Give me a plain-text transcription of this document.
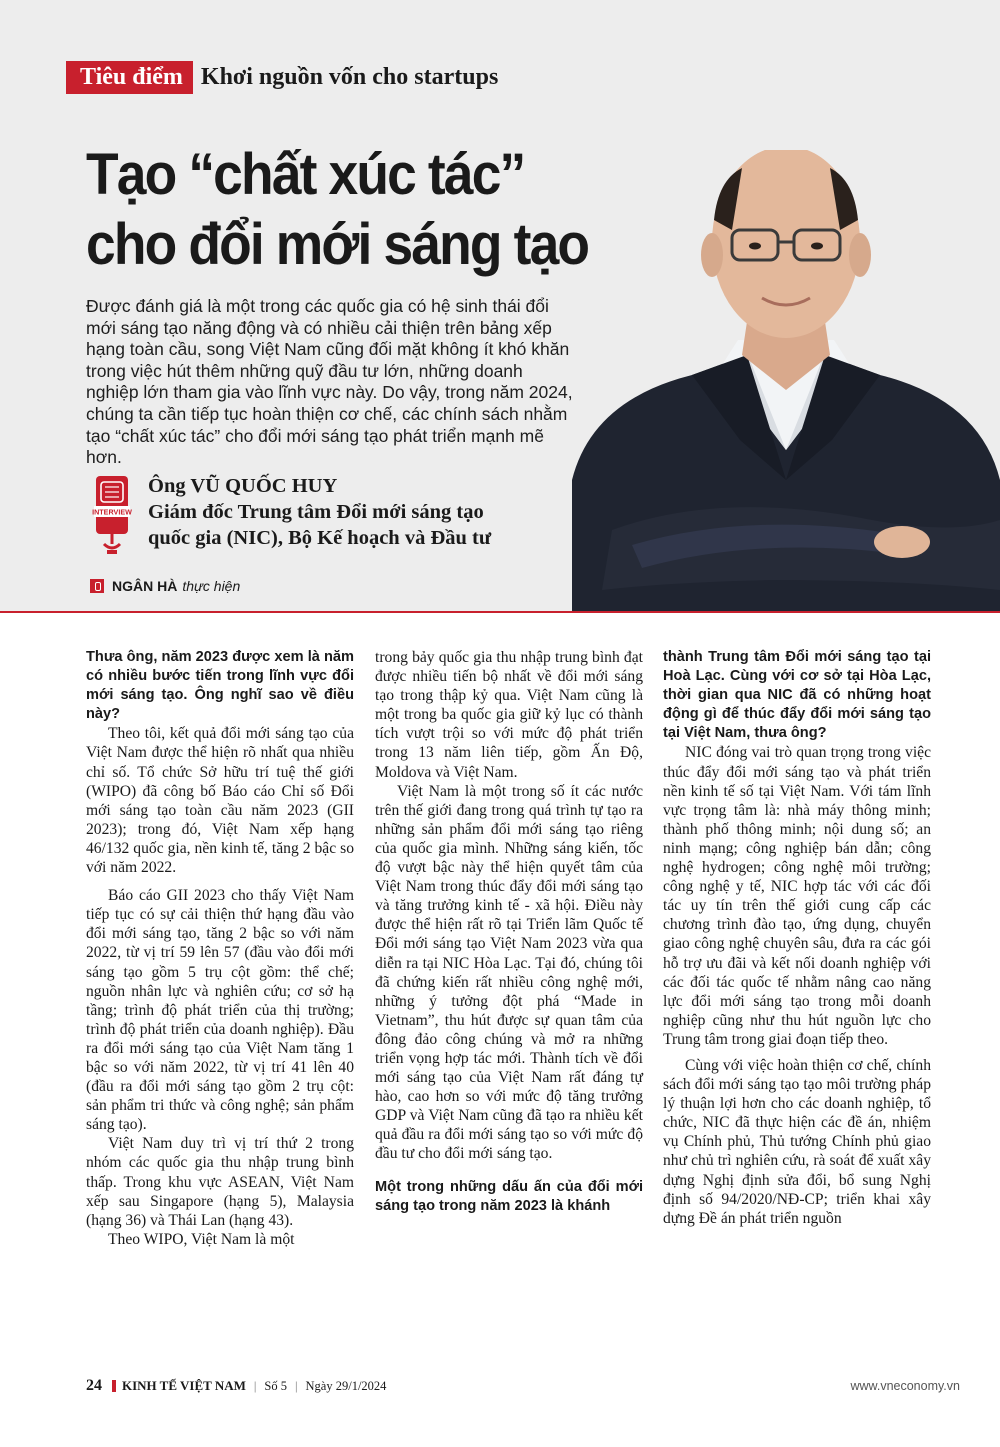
Tiêu điểm Khơi nguồn vốn cho startups
Tạo “chất xúc tác”
cho đổi mới sáng tạo

Được đánh giá là một trong các quốc gia có hệ sinh thái đổi mới sáng tạo năng động và có nhiều cải thiện trên bảng xếp hạng toàn cầu, song Việt Nam cũng đối mặt không ít khó khăn trong việc hút thêm những quỹ đầu tư lớn, những doanh nghiệp lớn tham gia vào lĩnh vực này. Do vậy, trong năm 2024, chúng ta cần tiếp tục hoàn thiện cơ chế, các chính sách nhằm tạo “chất xúc tác” cho đổi mới sáng tạo phát triển mạnh mẽ hơn.

INTERVIEW
Ông VŨ QUỐC HUY
Giám đốc Trung tâm Đổi mới sáng tạo
quốc gia (NIC), Bộ Kế hoạch và Đầu tư
NGÂN HÀ thực hiện

Thưa ông, năm 2023 được xem là năm có nhiều bước tiến trong lĩnh vực đổi mới sáng tạo. Ông nghĩ sao về điều này?

Theo tôi, kết quả đổi mới sáng tạo của Việt Nam được thể hiện rõ nhất qua nhiều chỉ số. Tổ chức Sở hữu trí tuệ thế giới (WIPO) đã công bố Báo cáo Chỉ số Đổi mới sáng tạo toàn cầu năm 2023 (GII 2023); trong đó, Việt Nam xếp hạng 46/132 quốc gia, nền kinh tế, tăng 2 bậc so với năm 2022.

Báo cáo GII 2023 cho thấy Việt Nam tiếp tục có sự cải thiện thứ hạng đầu vào đổi mới sáng tạo, tăng 2 bậc so với năm 2022, từ vị trí 59 lên 57 (đầu vào đổi mới sáng tạo gồm 5 trụ cột gồm: thể chế; nguồn nhân lực và nghiên cứu; cơ sở hạ tầng; trình độ phát triển của thị trường; trình độ phát triển của doanh nghiệp). Đầu ra đổi mới sáng tạo của Việt Nam tăng 1 bậc so với năm 2022, từ vị trí 41 lên 40 (đầu ra đổi mới sáng tạo gồm 2 trụ cột: sản phẩm tri thức và công nghệ; sản phẩm sáng tạo).

Việt Nam duy trì vị trí thứ 2 trong nhóm các quốc gia thu nhập trung bình thấp. Trong khu vực ASEAN, Việt Nam xếp sau Singapore (hạng 5), Malaysia (hạng 36) và Thái Lan (hạng 43).

Theo WIPO, Việt Nam là một

trong bảy quốc gia thu nhập trung bình đạt được nhiều tiến bộ nhất về đổi mới sáng tạo trong thập kỷ qua. Việt Nam cũng là một trong ba quốc gia giữ kỷ lục có thành tích vượt trội so với mức độ phát triển trong 13 năm liên tiếp, gồm Ấn Độ, Moldova và Việt Nam.

Việt Nam là một trong số ít các nước trên thế giới đang trong quá trình tự tạo ra những sản phẩm đổi mới sáng tạo riêng của quốc gia mình. Những sáng kiến, tốc độ vượt bậc này thể hiện quyết tâm của Việt Nam trong thúc đẩy đổi mới sáng tạo và tăng trưởng kinh tế - xã hội. Điều này được thể hiện rất rõ tại Triển lãm Quốc tế Đổi mới sáng tạo Việt Nam 2023 vừa qua diễn ra tại NIC Hòa Lạc. Tại đó, chúng tôi đã chứng kiến rất nhiều công nghệ mới, những ý tưởng đột phá “Made in Vietnam”, thu hút được sự quan tâm của đông đảo công chúng và mở ra những triển vọng hợp tác mới. Thành tích về đổi mới sáng tạo của Việt Nam rất đáng tự hào, cao hơn so với mức độ tăng trưởng GDP và Việt Nam cũng đã tạo ra nhiều kết quả đầu ra đổi mới sáng tạo so với mức độ đầu tư cho đổi mới sáng tạo.

Một trong những dấu ấn của đổi mới sáng tạo trong năm 2023 là khánh

thành Trung tâm Đổi mới sáng tạo tại Hoà Lạc. Cùng với cơ sở tại Hòa Lạc, thời gian qua NIC đã có những hoạt động gì để thúc đẩy đổi mới sáng tạo tại Việt Nam, thưa ông?

NIC đóng vai trò quan trọng trong việc thúc đẩy đổi mới sáng tạo và phát triển nền kinh tế số tại Việt Nam. Với tám lĩnh vực trọng tâm là: nhà máy thông minh; thành phố thông minh; nội dung số; an ninh mạng; công nghiệp bán dẫn; công nghệ hydrogen; công nghệ môi trường; công nghệ y tế, NIC hợp tác với các đối tác uy tín trên thế giới cung cấp các chương trình đào tạo, ứng dụng, chuyển giao công nghệ chuyên sâu, đưa ra các gói hỗ trợ ưu đãi và kết nối doanh nghiệp với các đối tác quốc tế nhằm nâng cao năng lực đổi mới sáng tạo trong mỗi doanh nghiệp cũng như thu hút nguồn lực cho Trung tâm trong giai đoạn tiếp theo.

Cùng với việc hoàn thiện cơ chế, chính sách đổi mới sáng tạo tạo môi trường pháp lý thuận lợi hơn cho các doanh nghiệp, tổ chức, NIC đã thực hiện các đề án, nhiệm vụ Chính phủ, Thủ tướng Chính phủ giao như chủ trì nghiên cứu, rà soát để xuất xây dựng Nghị định sửa đổi, bổ sung Nghị định số 94/2020/NĐ-CP; triển khai xây dựng Đề án phát triển nguồn

24 KINH TẾ VIỆT NAM | Số 5 | Ngày 29/1/2024	www.vneconomy.vn
